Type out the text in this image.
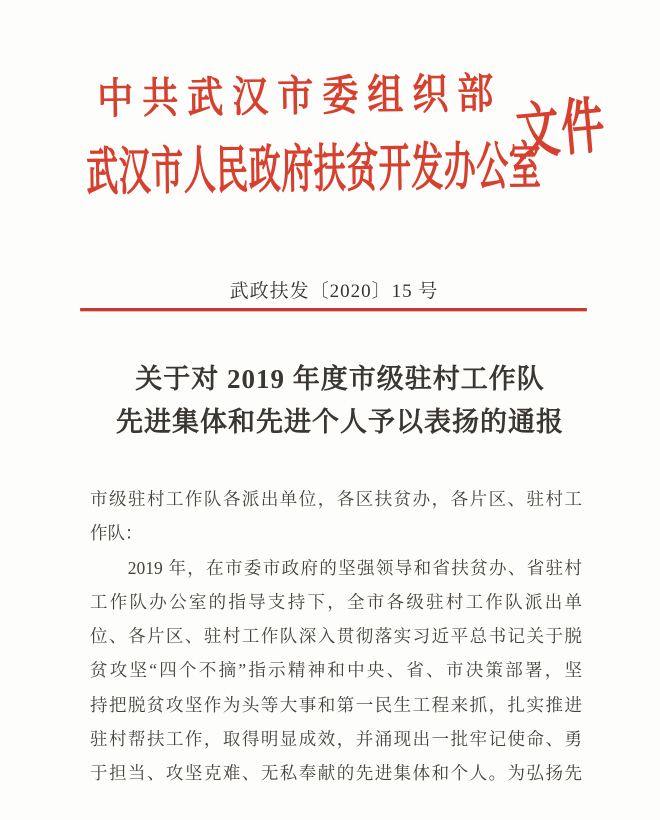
中共武汉市委组织部
武汉市人民政府扶贫开发办公室
文件
武政扶发〔2020〕15 号
关于对 2019 年度市级驻村工作队
先进集体和先进个人予以表扬的通报
市级驻村工作队各派出单位，各区扶贫办，各片区、驻村工
作队：
　　2019 年，在市委市政府的坚强领导和省扶贫办、省驻村
工作队办公室的指导支持下，全市各级驻村工作队派出单
位、各片区、驻村工作队深入贯彻落实习近平总书记关于脱
贫攻坚“四个不摘”指示精神和中央、省、市决策部署，坚
持把脱贫攻坚作为头等大事和第一民生工程来抓，扎实推进
驻村帮扶工作，取得明显成效，并涌现出一批牢记使命、勇
于担当、攻坚克难、无私奉献的先进集体和个人。为弘扬先
